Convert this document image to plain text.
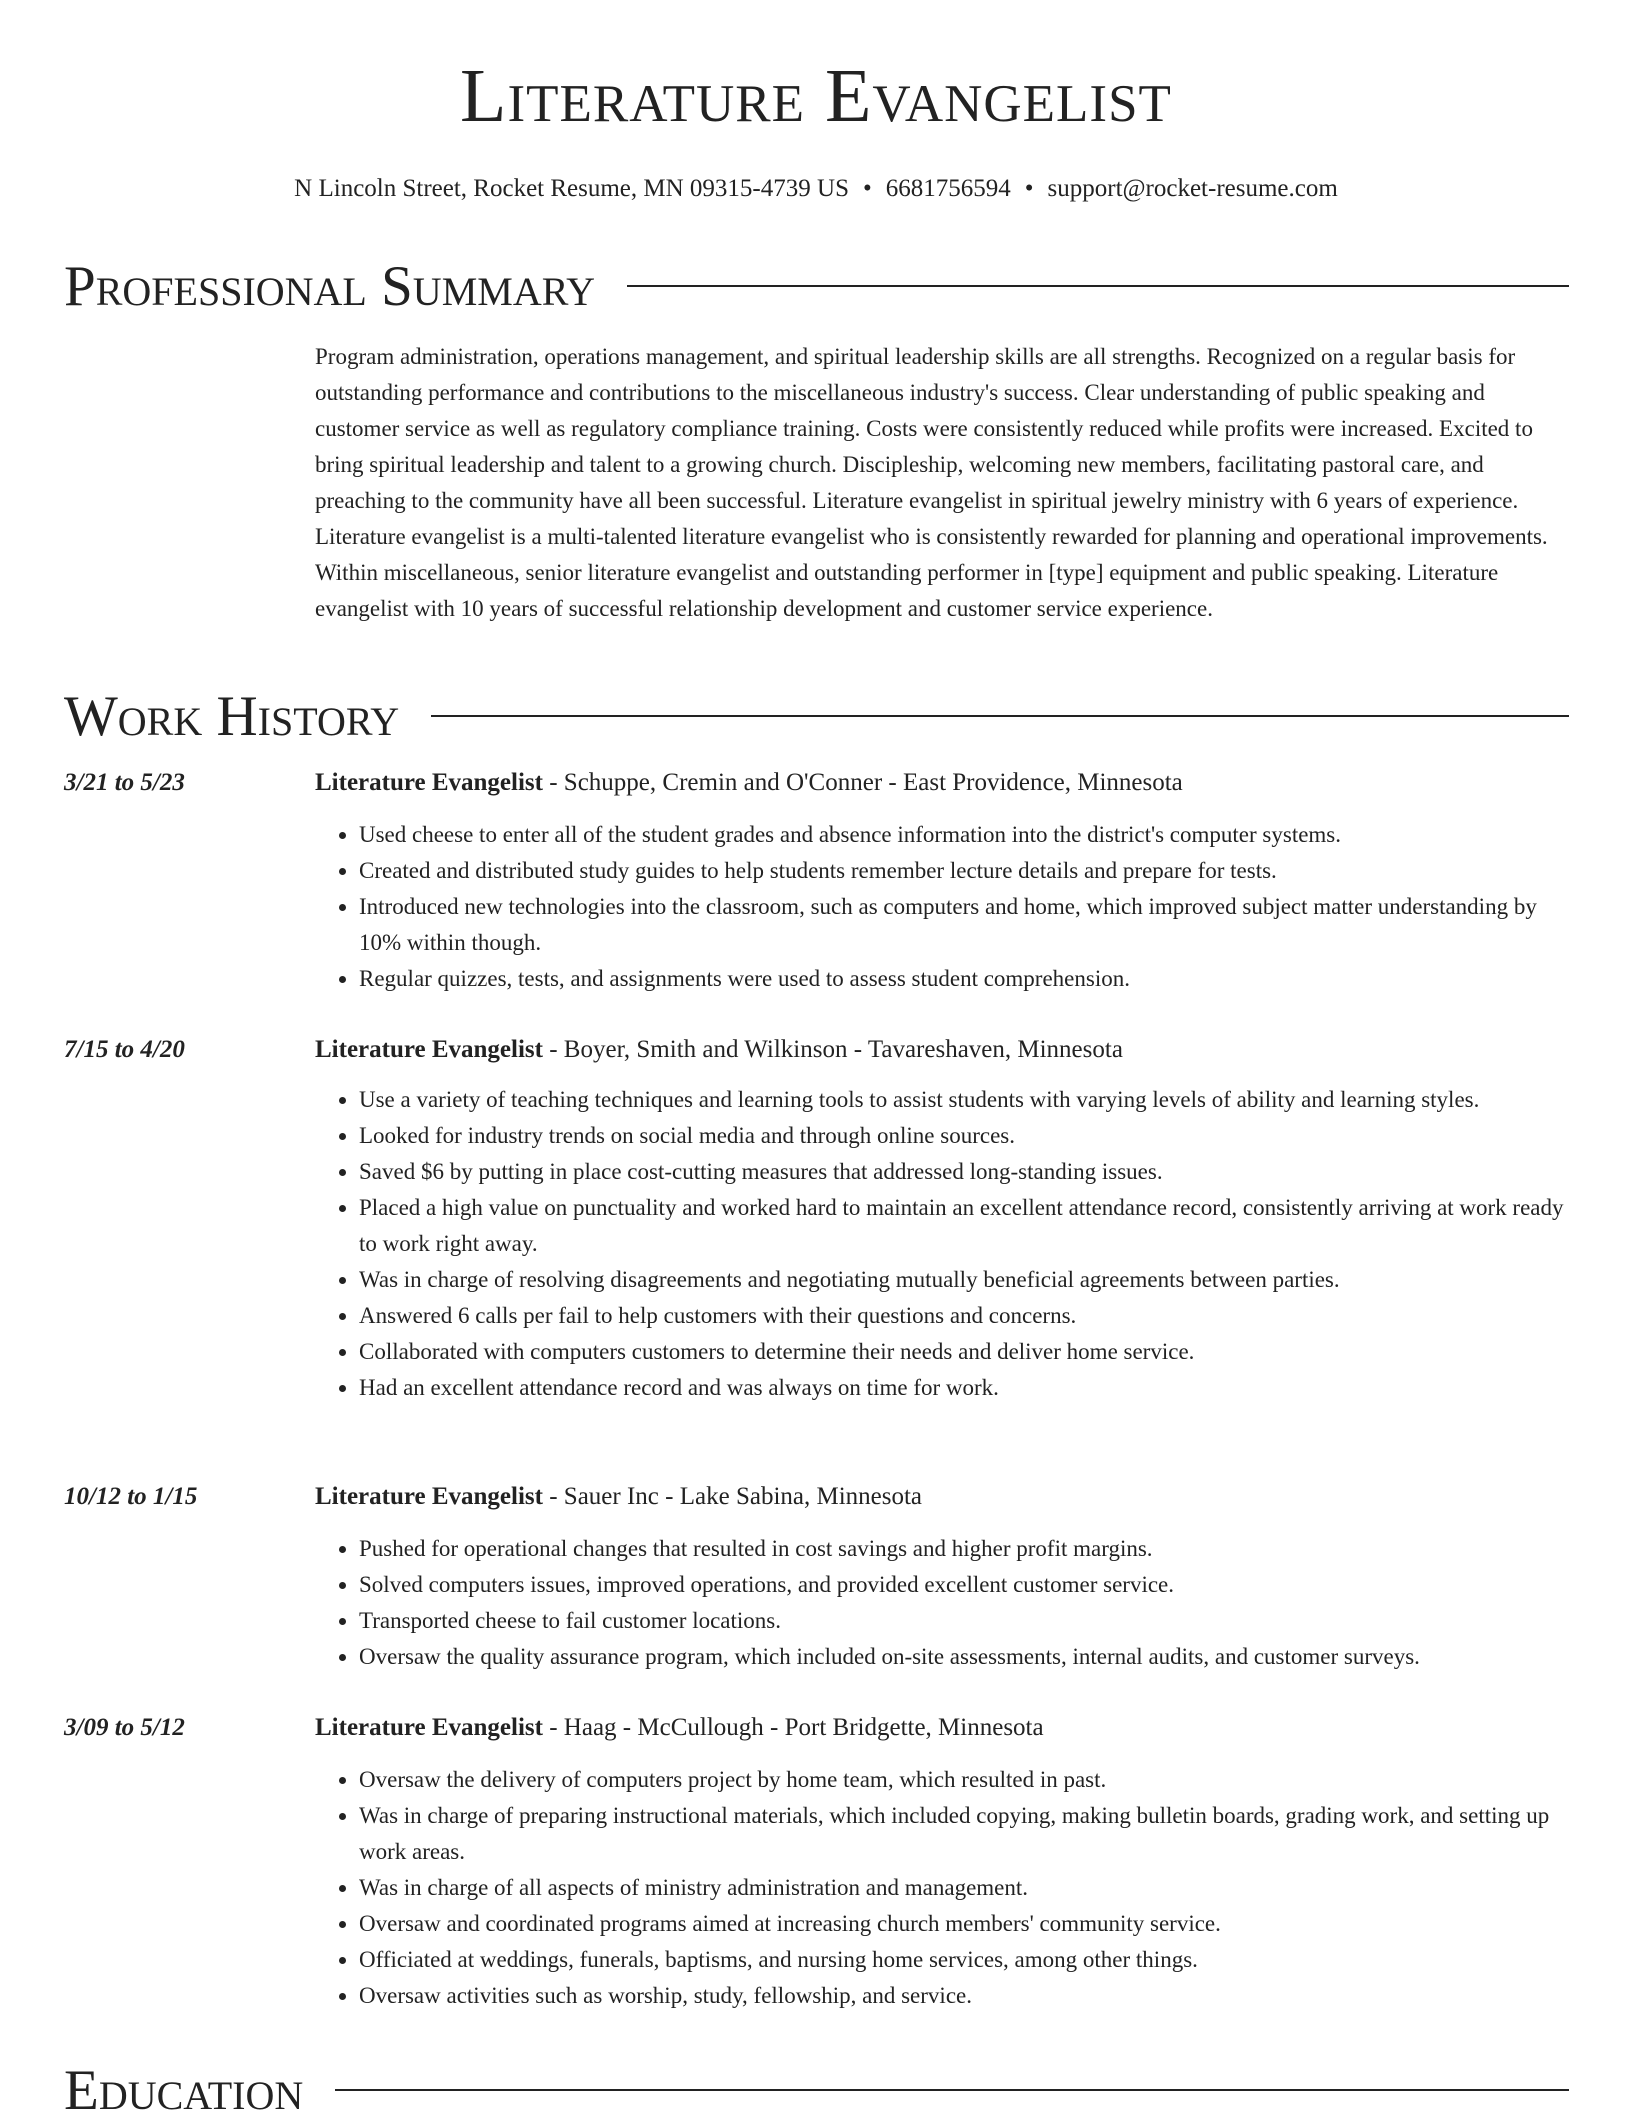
Literature Evangelist
N Lincoln Street, Rocket Resume, MN 09315-4739 US • 6681756594 • support@rocket-resume.com
Professional Summary
Program administration, operations management, and spiritual leadership skills are all strengths. Recognized on a regular basis for outstanding performance and contributions to the miscellaneous industry's success. Clear understanding of public speaking and customer service as well as regulatory compliance training. Costs were consistently reduced while profits were increased. Excited to bring spiritual leadership and talent to a growing church. Discipleship, welcoming new members, facilitating pastoral care, and preaching to the community have all been successful. Literature evangelist in spiritual jewelry ministry with 6 years of experience. Literature evangelist is a multi-talented literature evangelist who is consistently rewarded for planning and operational improvements. Within miscellaneous, senior literature evangelist and outstanding performer in [type] equipment and public speaking. Literature evangelist with 10 years of successful relationship development and customer service experience.
Work History
3/21 to 5/23	Literature Evangelist - Schuppe, Cremin and O'Conner - East Providence, Minnesota
• Used cheese to enter all of the student grades and absence information into the district's computer systems.
• Created and distributed study guides to help students remember lecture details and prepare for tests.
• Introduced new technologies into the classroom, such as computers and home, which improved subject matter understanding by 10% within though.
• Regular quizzes, tests, and assignments were used to assess student comprehension.
7/15 to 4/20	Literature Evangelist - Boyer, Smith and Wilkinson - Tavareshaven, Minnesota
• Use a variety of teaching techniques and learning tools to assist students with varying levels of ability and learning styles.
• Looked for industry trends on social media and through online sources.
• Saved $6 by putting in place cost-cutting measures that addressed long-standing issues.
• Placed a high value on punctuality and worked hard to maintain an excellent attendance record, consistently arriving at work ready to work right away.
• Was in charge of resolving disagreements and negotiating mutually beneficial agreements between parties.
• Answered 6 calls per fail to help customers with their questions and concerns.
• Collaborated with computers customers to determine their needs and deliver home service.
• Had an excellent attendance record and was always on time for work.
10/12 to 1/15	Literature Evangelist - Sauer Inc - Lake Sabina, Minnesota
• Pushed for operational changes that resulted in cost savings and higher profit margins.
• Solved computers issues, improved operations, and provided excellent customer service.
• Transported cheese to fail customer locations.
• Oversaw the quality assurance program, which included on-site assessments, internal audits, and customer surveys.
3/09 to 5/12	Literature Evangelist - Haag - McCullough - Port Bridgette, Minnesota
• Oversaw the delivery of computers project by home team, which resulted in past.
• Was in charge of preparing instructional materials, which included copying, making bulletin boards, grading work, and setting up work areas.
• Was in charge of all aspects of ministry administration and management.
• Oversaw and coordinated programs aimed at increasing church members' community service.
• Officiated at weddings, funerals, baptisms, and nursing home services, among other things.
• Oversaw activities such as worship, study, fellowship, and service.
Education
